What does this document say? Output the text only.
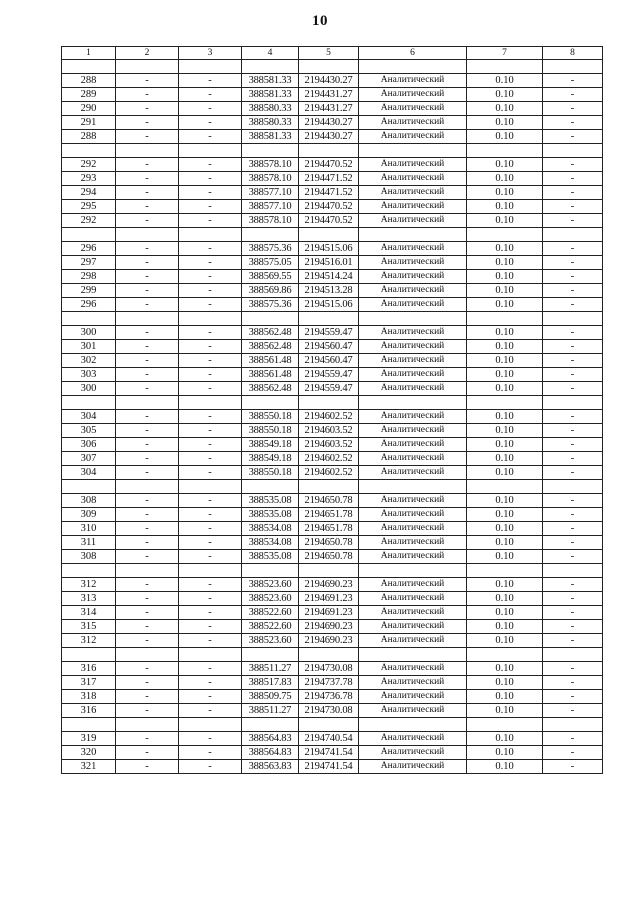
10
1	2	3	4	5	6	7	8

288	-	-	388581.33	2194430.27	Аналитический	0.10	-
289	-	-	388581.33	2194431.27	Аналитический	0.10	-
290	-	-	388580.33	2194431.27	Аналитический	0.10	-
291	-	-	388580.33	2194430.27	Аналитический	0.10	-
288	-	-	388581.33	2194430.27	Аналитический	0.10	-

292	-	-	388578.10	2194470.52	Аналитический	0.10	-
293	-	-	388578.10	2194471.52	Аналитический	0.10	-
294	-	-	388577.10	2194471.52	Аналитический	0.10	-
295	-	-	388577.10	2194470.52	Аналитический	0.10	-
292	-	-	388578.10	2194470.52	Аналитический	0.10	-

296	-	-	388575.36	2194515.06	Аналитический	0.10	-
297	-	-	388575.05	2194516.01	Аналитический	0.10	-
298	-	-	388569.55	2194514.24	Аналитический	0.10	-
299	-	-	388569.86	2194513.28	Аналитический	0.10	-
296	-	-	388575.36	2194515.06	Аналитический	0.10	-

300	-	-	388562.48	2194559.47	Аналитический	0.10	-
301	-	-	388562.48	2194560.47	Аналитический	0.10	-
302	-	-	388561.48	2194560.47	Аналитический	0.10	-
303	-	-	388561.48	2194559.47	Аналитический	0.10	-
300	-	-	388562.48	2194559.47	Аналитический	0.10	-

304	-	-	388550.18	2194602.52	Аналитический	0.10	-
305	-	-	388550.18	2194603.52	Аналитический	0.10	-
306	-	-	388549.18	2194603.52	Аналитический	0.10	-
307	-	-	388549.18	2194602.52	Аналитический	0.10	-
304	-	-	388550.18	2194602.52	Аналитический	0.10	-

308	-	-	388535.08	2194650.78	Аналитический	0.10	-
309	-	-	388535.08	2194651.78	Аналитический	0.10	-
310	-	-	388534.08	2194651.78	Аналитический	0.10	-
311	-	-	388534.08	2194650.78	Аналитический	0.10	-
308	-	-	388535.08	2194650.78	Аналитический	0.10	-

312	-	-	388523.60	2194690.23	Аналитический	0.10	-
313	-	-	388523.60	2194691.23	Аналитический	0.10	-
314	-	-	388522.60	2194691.23	Аналитический	0.10	-
315	-	-	388522.60	2194690.23	Аналитический	0.10	-
312	-	-	388523.60	2194690.23	Аналитический	0.10	-

316	-	-	388511.27	2194730.08	Аналитический	0.10	-
317	-	-	388517.83	2194737.78	Аналитический	0.10	-
318	-	-	388509.75	2194736.78	Аналитический	0.10	-
316	-	-	388511.27	2194730.08	Аналитический	0.10	-

319	-	-	388564.83	2194740.54	Аналитический	0.10	-
320	-	-	388564.83	2194741.54	Аналитический	0.10	-
321	-	-	388563.83	2194741.54	Аналитический	0.10	-
